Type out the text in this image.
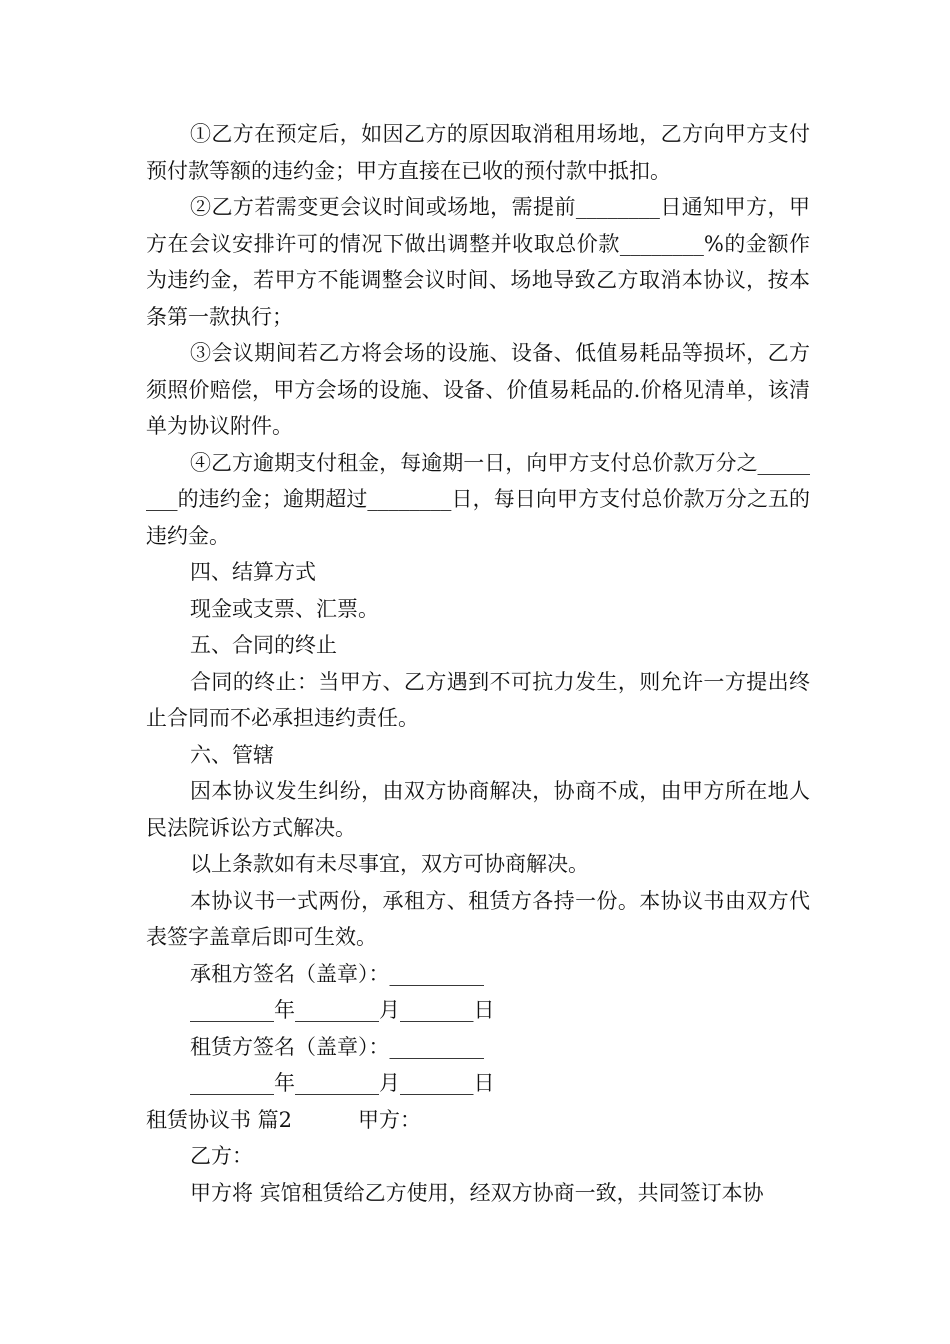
①乙方在预定后，如因乙方的原因取消租用场地，乙方向甲方支付预付款等额的违约金；甲方直接在已收的预付款中抵扣。

②乙方若需变更会议时间或场地，需提前________日通知甲方，甲方在会议安排许可的情况下做出调整并收取总价款________%的金额作为违约金，若甲方不能调整会议时间、场地导致乙方取消本协议，按本条第一款执行；

③会议期间若乙方将会场的设施、设备、低值易耗品等损坏，乙方须照价赔偿，甲方会场的设施、设备、价值易耗品的.价格见清单，该清单为协议附件。

④乙方逾期支付租金，每逾期一日，向甲方支付总价款万分之________的违约金；逾期超过________日，每日向甲方支付总价款万分之五的违约金。

四、结算方式

现金或支票、汇票。

五、合同的终止

合同的终止：当甲方、乙方遇到不可抗力发生，则允许一方提出终止合同而不必承担违约责任。

六、管辖

因本协议发生纠纷，由双方协商解决，协商不成，由甲方所在地人民法院诉讼方式解决。

以上条款如有未尽事宜，双方可协商解决。

本协议书一式两份，承租方、租赁方各持一份。本协议书由双方代表签字盖章后即可生效。

承租方签名（盖章）：_________

________年________月_______日

租赁方签名（盖章）：_________

________年________月_______日

租赁协议书 篇2	甲方：

乙方：

甲方将 宾馆租赁给乙方使用，经双方协商一致，共同签订本协
